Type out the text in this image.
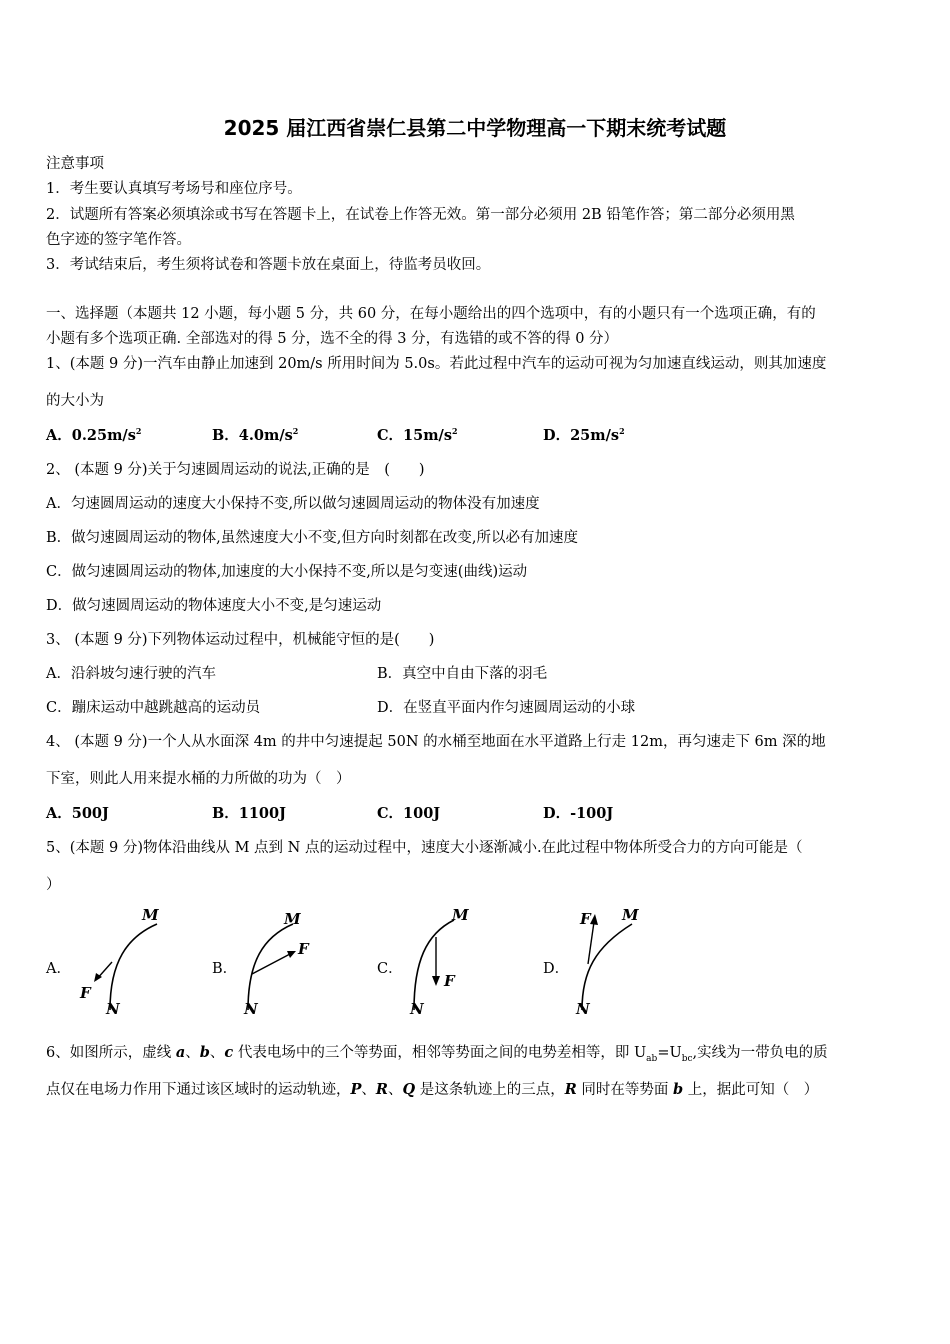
2025 届江西省崇仁县第二中学物理高一下期末统考试题
注意事项
1．考生要认真填写考场号和座位序号。
2．试题所有答案必须填涂或书写在答题卡上，在试卷上作答无效。第一部分必须用 2B 铅笔作答；第二部分必须用黑
色字迹的签字笔作答。
3．考试结束后，考生须将试卷和答题卡放在桌面上，待监考员收回。
一、选择题（本题共 12 小题，每小题 5 分，共 60 分，在每小题给出的四个选项中，有的小题只有一个选项正确，有的
小题有多个选项正确. 全部选对的得 5 分，选不全的得 3 分，有选错的或不答的得 0 分）
1、(本题 9 分)一汽车由静止加速到 20m/s 所用时间为 5.0s。若此过程中汽车的运动可视为匀加速直线运动，则其加速度
的大小为
A．$0.25m/s^2$	B．$4.0m/s^2$	C．$15m/s^2$	D．$25m/s^2$
2、 (本题 9 分)关于匀速圆周运动的说法,正确的是　(　　)
A．匀速圆周运动的速度大小保持不变,所以做匀速圆周运动的物体没有加速度
B．做匀速圆周运动的物体,虽然速度大小不变,但方向时刻都在改变,所以必有加速度
C．做匀速圆周运动的物体,加速度的大小保持不变,所以是匀变速(曲线)运动
D．做匀速圆周运动的物体速度大小不变,是匀速运动
3、 (本题 9 分)下列物体运动过程中，机械能守恒的是(　　)
A．沿斜坡匀速行驶的汽车	B．真空中自由下落的羽毛
C．蹦床运动中越跳越高的运动员	D．在竖直平面内作匀速圆周运动的小球
4、 (本题 9 分)一个人从水面深 4m 的井中匀速提起 50N 的水桶至地面在水平道路上行走 12m，再匀速走下 6m 深的地
下室，则此人用来提水桶的力所做的功为（　）
A．500J	B．1100J	C．100J	D．-100J
5、(本题 9 分)物体沿曲线从 M 点到 N 点的运动过程中，速度大小逐渐减小.在此过程中物体所受合力的方向可能是（
）
A．	B．	C．	D．
M
N
F
M
N
F
M
N
F
M
N
F
6、如图所示，虚线 a、b、c 代表电场中的三个等势面，相邻等势面之间的电势差相等，即 $U_{ab}=U_{bc}$,实线为一带负电的质
点仅在电场力作用下通过该区域时的运动轨迹，P、R、Q 是这条轨迹上的三点，R 同时在等势面 b 上，据此可知（　）
